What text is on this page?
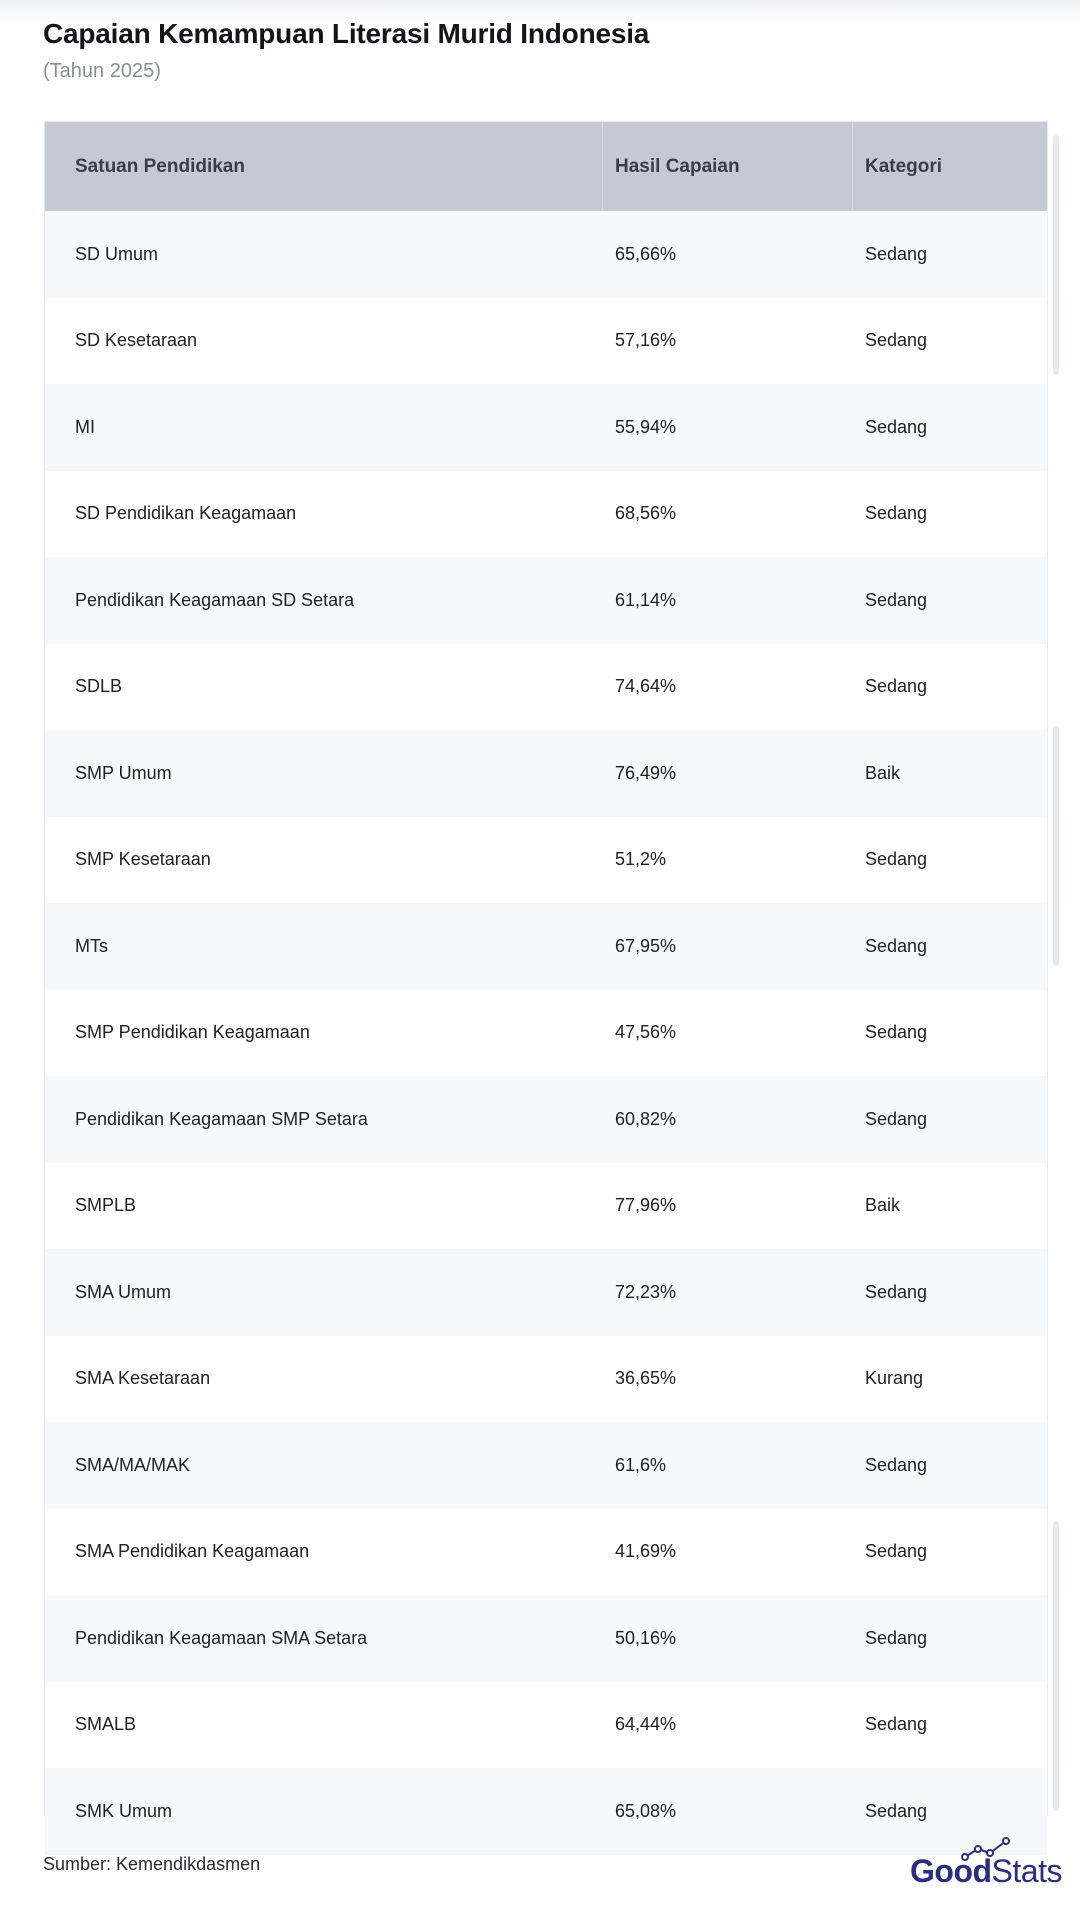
Capaian Kemampuan Literasi Murid Indonesia
(Tahun 2025)
Satuan Pendidikan	Hasil Capaian	Kategori
SD Umum	65,66%	Sedang
SD Kesetaraan	57,16%	Sedang
MI	55,94%	Sedang
SD Pendidikan Keagamaan	68,56%	Sedang
Pendidikan Keagamaan SD Setara	61,14%	Sedang
SDLB	74,64%	Sedang
SMP Umum	76,49%	Baik
SMP Kesetaraan	51,2%	Sedang
MTs	67,95%	Sedang
SMP Pendidikan Keagamaan	47,56%	Sedang
Pendidikan Keagamaan SMP Setara	60,82%	Sedang
SMPLB	77,96%	Baik
SMA Umum	72,23%	Sedang
SMA Kesetaraan	36,65%	Kurang
SMA/MA/MAK	61,6%	Sedang
SMA Pendidikan Keagamaan	41,69%	Sedang
Pendidikan Keagamaan SMA Setara	50,16%	Sedang
SMALB	64,44%	Sedang
SMK Umum	65,08%	Sedang
Sumber: Kemendikdasmen	GoodStats
